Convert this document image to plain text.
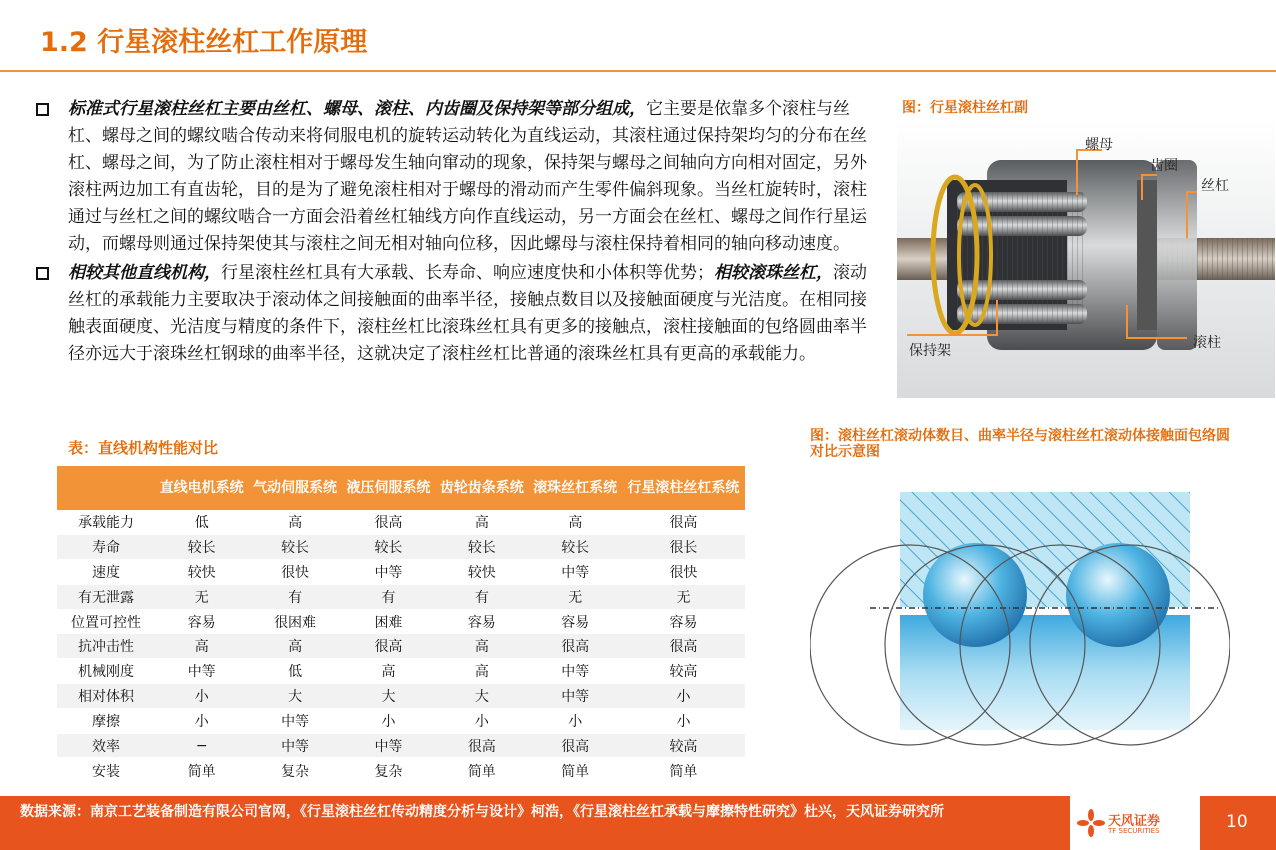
1.2 行星滚柱丝杠工作原理
标准式行星滚柱丝杠主要由丝杠、螺母、滚柱、内齿圈及保持架等部分组成，它主要是依靠多个滚柱与丝杠、螺母之间的螺纹啮合传动来将伺服电机的旋转运动转化为直线运动，其滚柱通过保持架均匀的分布在丝杠、螺母之间，为了防止滚柱相对于螺母发生轴向窜动的现象，保持架与螺母之间轴向方向相对固定，另外滚柱两边加工有直齿轮，目的是为了避免滚柱相对于螺母的滑动而产生零件偏斜现象。当丝杠旋转时，滚柱通过与丝杠之间的螺纹啮合一方面会沿着丝杠轴线方向作直线运动，另一方面会在丝杠、螺母之间作行星运动，而螺母则通过保持架使其与滚柱之间无相对轴向位移，因此螺母与滚柱保持着相同的轴向移动速度。
相较其他直线机构，行星滚柱丝杠具有大承载、长寿命、响应速度快和小体积等优势；相较滚珠丝杠，滚动丝杠的承载能力主要取决于滚动体之间接触面的曲率半径，接触点数目以及接触面硬度与光洁度。在相同接触表面硬度、光洁度与精度的条件下，滚柱丝杠比滚珠丝杠具有更多的接触点，滚柱接触面的包络圆曲率半径亦远大于滚珠丝杠钢球的曲率半径，这就决定了滚柱丝杠比普通的滚珠丝杠具有更高的承载能力。
图：行星滚柱丝杠副
螺母
齿圈
丝杠
保持架	滚柱
图：滚柱丝杠滚动体数目、曲率半径与滚柱丝杠滚动体接触面包络圆对比示意图
表：直线机构性能对比
	直线电机系统	气动伺服系统	液压伺服系统	齿轮齿条系统	滚珠丝杠系统	行星滚柱丝杠系统
承载能力	低	高	很高	高	高	很高
寿命	较长	较长	较长	较长	较长	很长
速度	较快	很快	中等	较快	中等	很快
有无泄露	无	有	有	有	无	无
位置可控性	容易	很困难	困难	容易	容易	容易
抗冲击性	高	高	很高	高	很高	很高
机械刚度	中等	低	高	高	中等	较高
相对体积	小	大	大	大	中等	小
摩擦	小	中等	小	小	小	小
效率	−	中等	中等	很高	很高	较高
安装	简单	复杂	复杂	简单	简单	简单
数据来源：南京工艺装备制造有限公司官网，《行星滚柱丝杠传动精度分析与设计》柯浩，《行星滚柱丝杠承载与摩擦特性研究》杜兴，天风证券研究所
天风证券
TF SECURITIES	10
